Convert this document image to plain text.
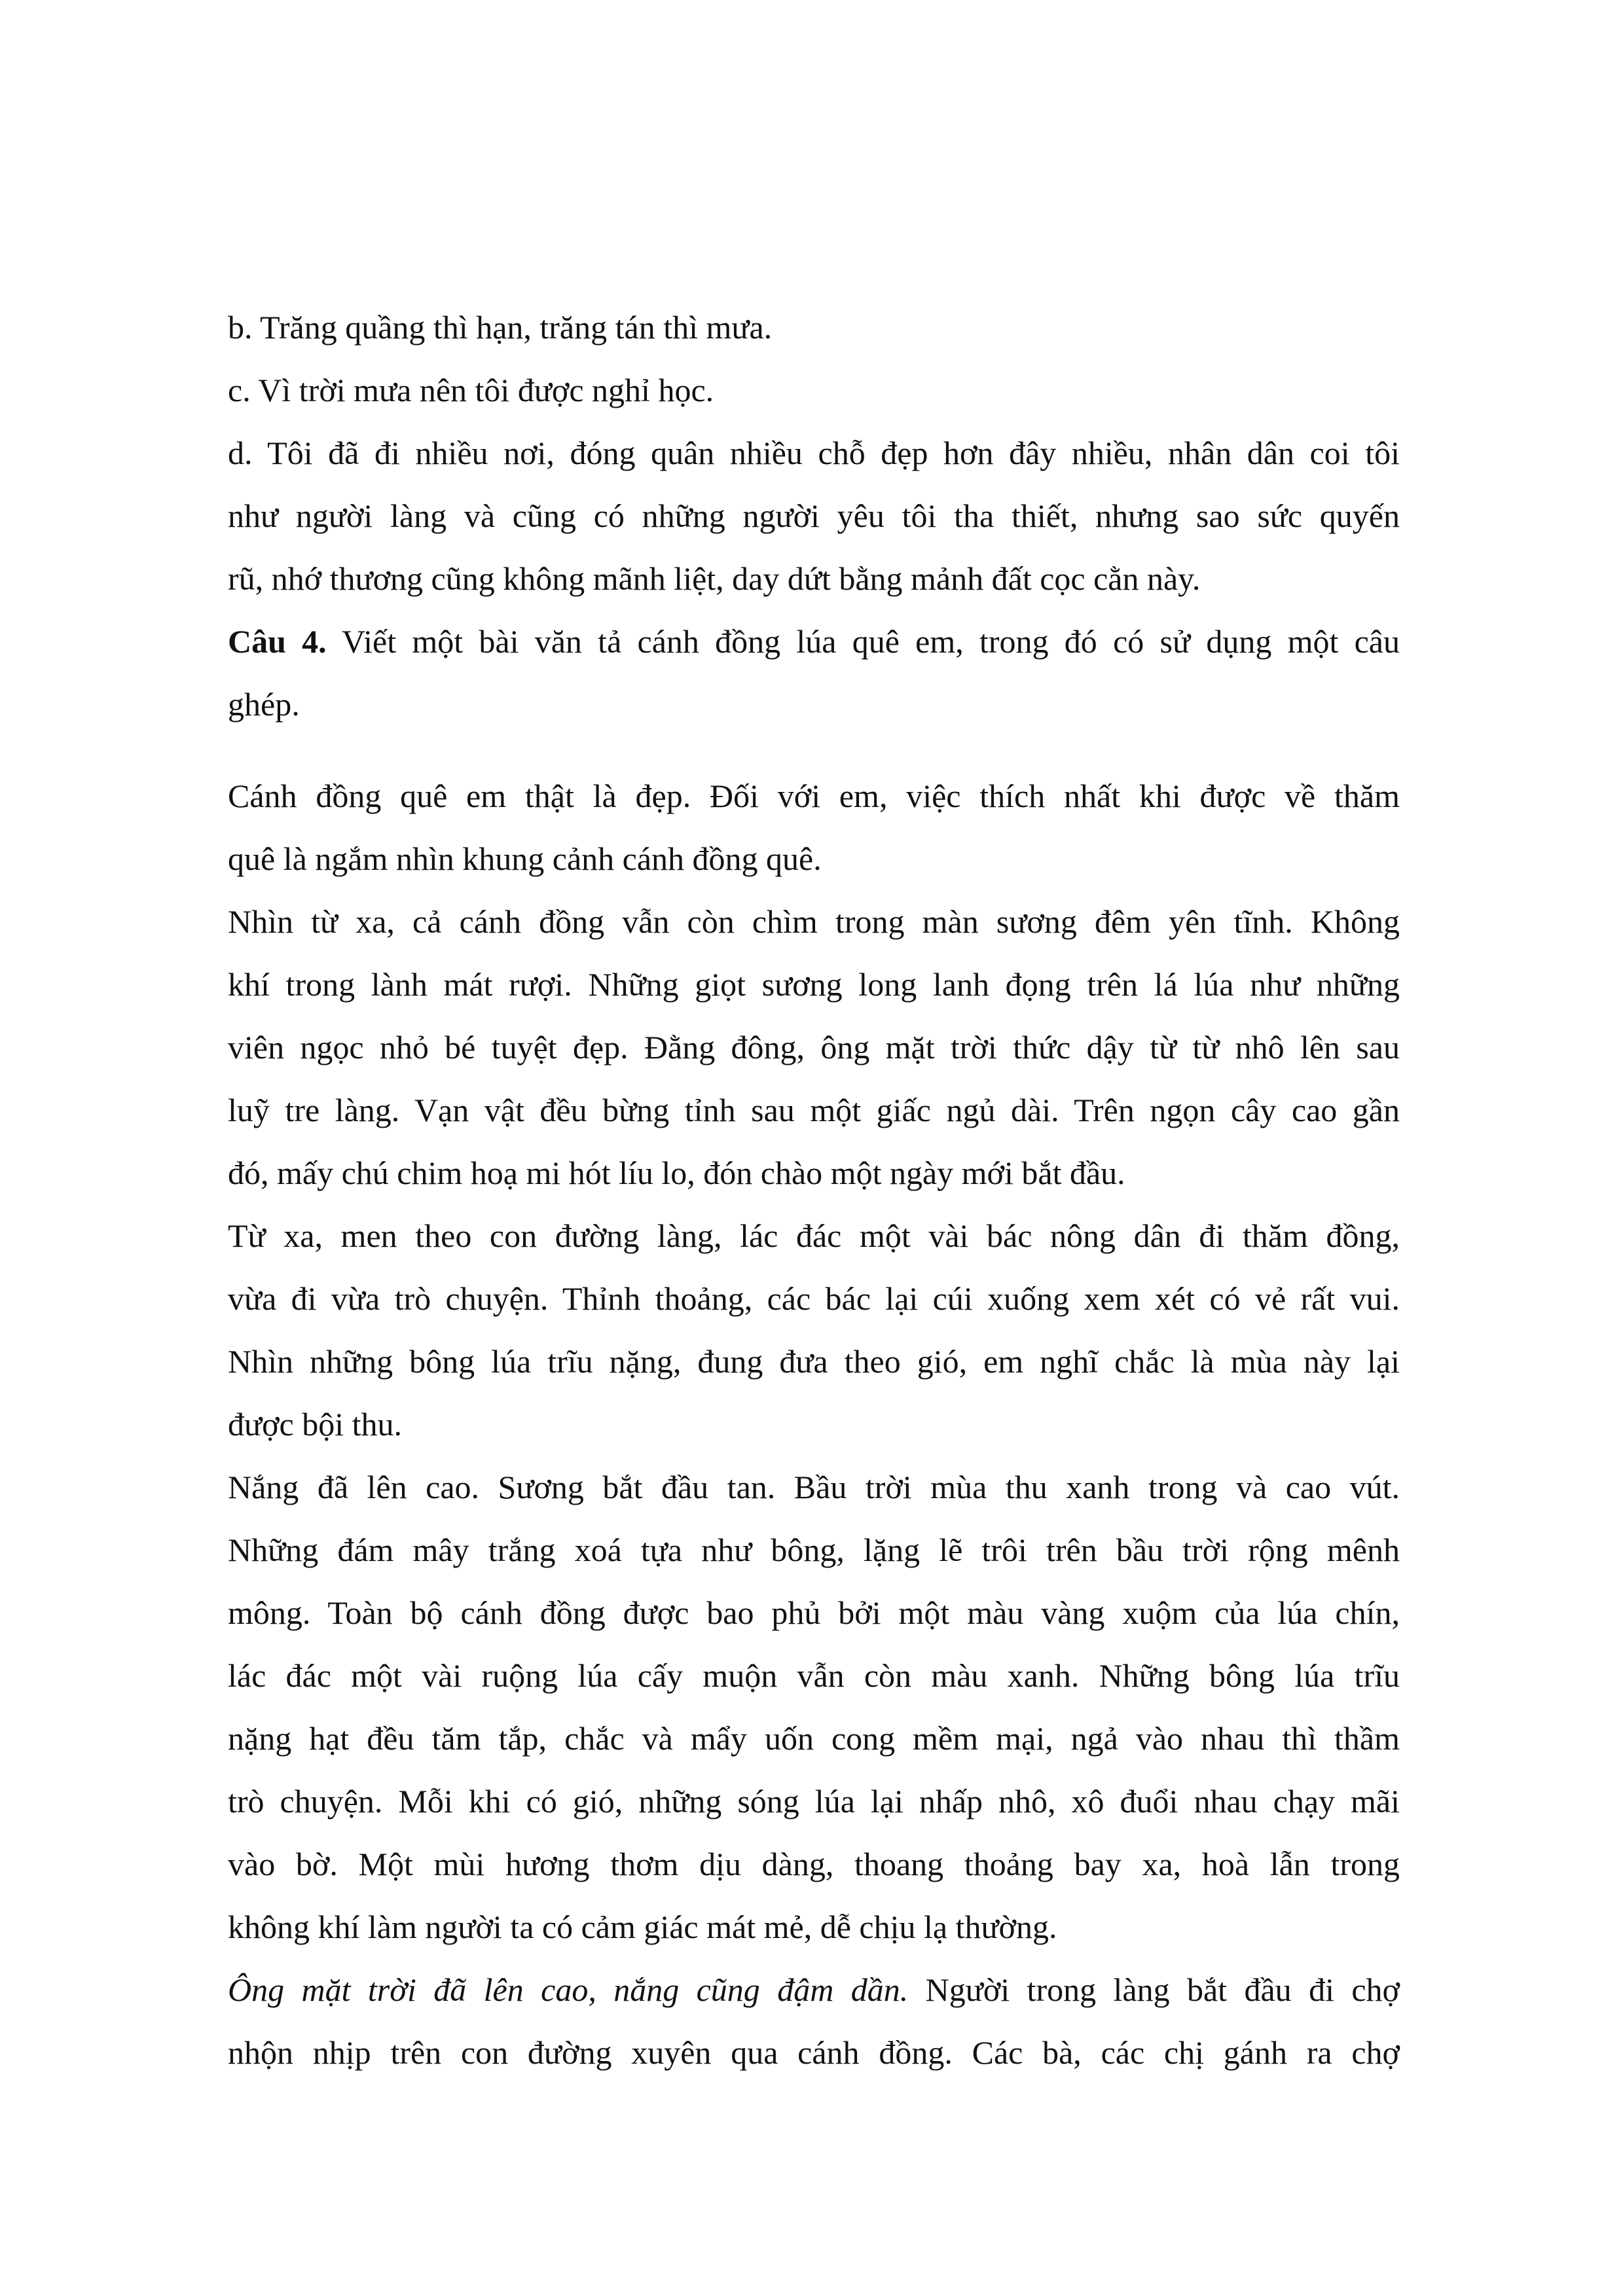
b. Trăng quầng thì hạn, trăng tán thì mưa.

c. Vì trời mưa nên tôi được nghỉ học.

d. Tôi đã đi nhiều nơi, đóng quân nhiều chỗ đẹp hơn đây nhiều, nhân dân coi tôi

như người làng và cũng có những người yêu tôi tha thiết, nhưng sao sức quyến

rũ, nhớ thương cũng không mãnh liệt, day dứt bằng mảnh đất cọc cằn này.

Câu 4. Viết một bài văn tả cánh đồng lúa quê em, trong đó có sử dụng một câu

ghép.

Cánh đồng quê em thật là đẹp. Đối với em, việc thích nhất khi được về thăm

quê là ngắm nhìn khung cảnh cánh đồng quê.

Nhìn từ xa, cả cánh đồng vẫn còn chìm trong màn sương đêm yên tĩnh. Không

khí trong lành mát rượi. Những giọt sương long lanh đọng trên lá lúa như những

viên ngọc nhỏ bé tuyệt đẹp. Đằng đông, ông mặt trời thức dậy từ từ nhô lên sau

luỹ tre làng. Vạn vật đều bừng tỉnh sau một giấc ngủ dài. Trên ngọn cây cao gần

đó, mấy chú chim hoạ mi hót líu lo, đón chào một ngày mới bắt đầu.

Từ xa, men theo con đường làng, lác đác một vài bác nông dân đi thăm đồng,

vừa đi vừa trò chuyện. Thỉnh thoảng, các bác lại cúi xuống xem xét có vẻ rất vui.

Nhìn những bông lúa trĩu nặng, đung đưa theo gió, em nghĩ chắc là mùa này lại

được bội thu.

Nắng đã lên cao. Sương bắt đầu tan. Bầu trời mùa thu xanh trong và cao vút.

Những đám mây trắng xoá tựa như bông, lặng lẽ trôi trên bầu trời rộng mênh

mông. Toàn bộ cánh đồng được bao phủ bởi một màu vàng xuộm của lúa chín,

lác đác một vài ruộng lúa cấy muộn vẫn còn màu xanh. Những bông lúa trĩu

nặng hạt đều tăm tắp, chắc và mẩy uốn cong mềm mại, ngả vào nhau thì thầm

trò chuyện. Mỗi khi có gió, những sóng lúa lại nhấp nhô, xô đuổi nhau chạy mãi

vào bờ. Một mùi hương thơm dịu dàng, thoang thoảng bay xa, hoà lẫn trong

không khí làm người ta có cảm giác mát mẻ, dễ chịu lạ thường.

Ông mặt trời đã lên cao, nắng cũng đậm dần. Người trong làng bắt đầu đi chợ

nhộn nhịp trên con đường xuyên qua cánh đồng. Các bà, các chị gánh ra chợ
